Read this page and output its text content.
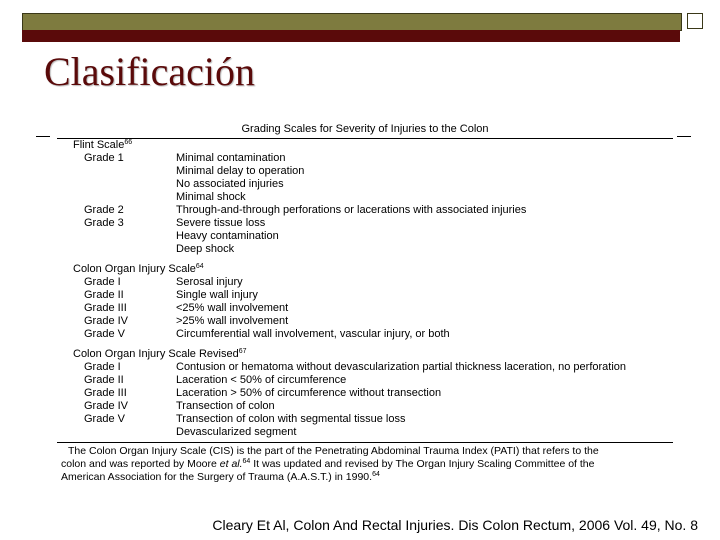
Clasificación
Grading Scales for Severity of Injuries to the Colon
Flint Scale$^{66}$
Grade 1	Minimal contamination
Minimal delay to operation
No associated injuries
Minimal shock
Grade 2	Through-and-through perforations or lacerations with associated injuries
Grade 3	Severe tissue loss
Heavy contamination
Deep shock
Colon Organ Injury Scale$^{64}$
Grade I	Serosal injury
Grade II	Single wall injury
Grade III	<25% wall involvement
Grade IV	>25% wall involvement
Grade V	Circumferential wall involvement, vascular injury, or both
Colon Organ Injury Scale Revised$^{67}$
Grade I	Contusion or hematoma without devascularization partial thickness laceration, no perforation
Grade II	Laceration < 50% of circumference
Grade III	Laceration > 50% of circumference without transection
Grade IV	Transection of colon
Grade V	Transection of colon with segmental tissue loss
Devascularized segment

The Colon Organ Injury Scale (CIS) is the part of the Penetrating Abdominal Trauma Index (PATI) that refers to the

colon and was reported by Moore et al.$^{64}$ It was updated and revised by The Organ Injury Scaling Committee of the

American Association for the Surgery of Trauma (A.A.S.T.) in 1990.64

Cleary Et Al, Colon And Rectal Injuries. Dis Colon Rectum, 2006 Vol. 49, No. 8
